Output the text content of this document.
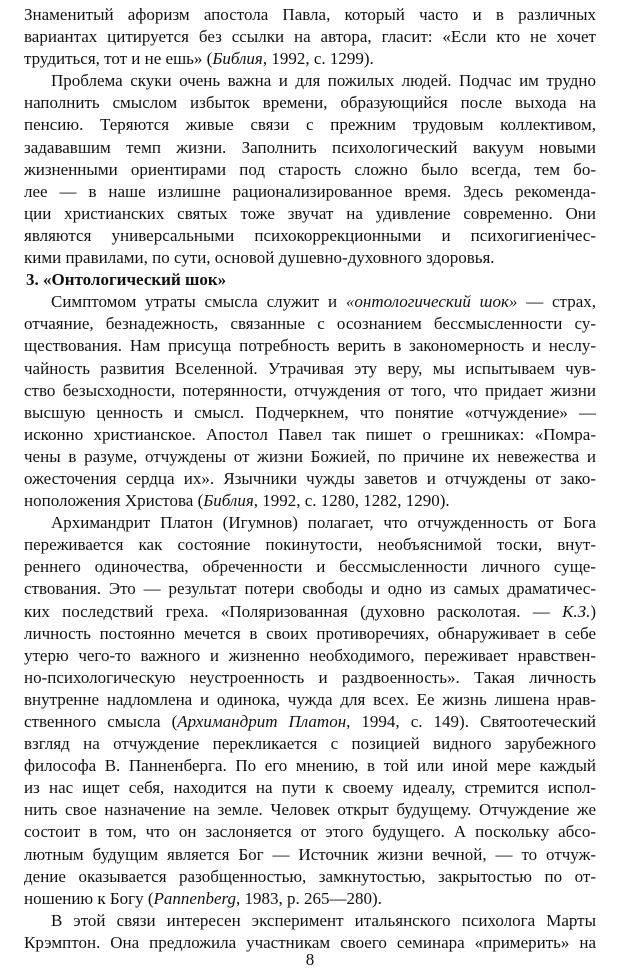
Знаменитый афоризм апостола Павла, который часто и в различных
вариантах цитируется без ссылки на автора, гласит: «Если кто не хочет
трудиться, тот и не ешь» (Библия, 1992, с. 1299).
Проблема скуки очень важна и для пожилых людей. Подчас им трудно
наполнить смыслом избыток времени, образующийся после выхода на
пенсию. Теряются живые связи с прежним трудовым коллективом,
задававшим темп жизни. Заполнить психологический вакуум новыми
жизненными ориентирами под старость сложно было всегда, тем бо-
лее — в наше излишне рационализированное время. Здесь рекоменда-
ции христианских святых тоже звучат на удивление современно. Они
являются универсальными психокоррекционными и психогигиенічес-
кими правилами, по сути, основой душевно-духовного здоровья.
3. «Онтологический шок»
Симптомом утраты смысла служит и «онтологический шок» — страх,
отчаяние, безнадежность, связанные с осознанием бессмысленности су-
ществования. Нам присуща потребность верить в закономерность и неслу-
чайность развития Вселенной. Утрачивая эту веру, мы испытываем чув-
ство безысходности, потерянности, отчуждения от того, что придает жизни
высшую ценность и смысл. Подчеркнем, что понятие «отчуждение» —
исконно христианское. Апостол Павел так пишет о грешниках: «Помра-
чены в разуме, отчуждены от жизни Божией, по причине их невежества и
ожесточения сердца их». Язычники чужды заветов и отчуждены от зако-
ноположения Христова (Библия, 1992, с. 1280, 1282, 1290).
Архимандрит Платон (Игумнов) полагает, что отчужденность от Бога
переживается как состояние покинутости, необъяснимой тоски, внут-
реннего одиночества, обреченности и бессмысленности личного суще-
ствования. Это — результат потери свободы и одно из самых драматичес-
ких последствий греха. «Поляризованная (духовно расколотая. — К.З.)
личность постоянно мечется в своих противоречиях, обнаруживает в себе
утерю чего-то важного и жизненно необходимого, переживает нравствен-
но-психологическую неустроенность и раздвоенность». Такая личность
внутренне надломлена и одинока, чужда для всех. Ее жизнь лишена нрав-
ственного смысла (Архимандрит Платон, 1994, с. 149). Святоотеческий
взгляд на отчуждение перекликается с позицией видного зарубежного
философа В. Панненберга. По его мнению, в той или иной мере каждый
из нас ищет себя, находится на пути к своему идеалу, стремится испол-
нить свое назначение на земле. Человек открыт будущему. Отчуждение же
состоит в том, что он заслоняется от этого будущего. А поскольку абсо-
лютным будущим является Бог — Источник жизни вечной, — то отчуж-
дение оказывается разобщенностью, замкнутостью, закрытостью по от-
ношению к Богу (Pannenberg, 1983, р. 265—280).
В этой связи интересен эксперимент итальянского психолога Марты
Крэмптон. Она предложила участникам своего семинара «примерить» на
8
